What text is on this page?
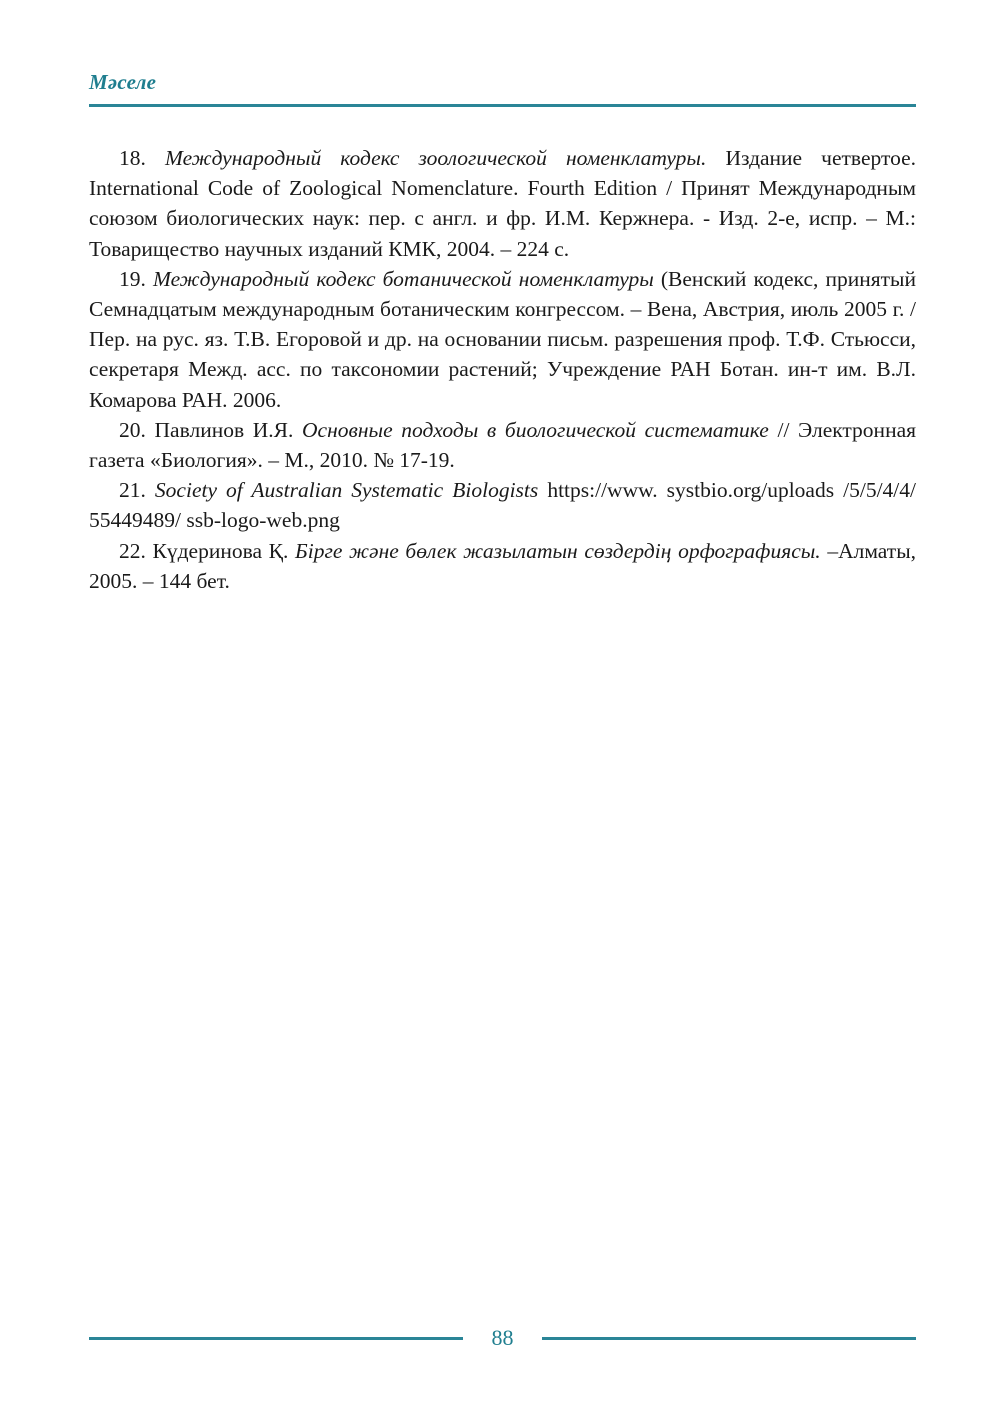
Мәселе

18. Международный кодекс зоологической номенклатуры. Издание четвертое. International Code of Zoological Nomenclature. Fourth Edition / Принят Международным союзом биологических наук: пер. с англ. и фр. И.М. Кержнера. - Изд. 2-е, испр. – М.: Товарищество научных изданий КМК, 2004. – 224 с.

19. Международный кодекс ботанической номенклатуры (Венский кодекс, принятый Семнадцатым международным ботаническим конгрессом. – Вена, Австрия, июль 2005 г. / Пер. на рус. яз. Т.В. Егоровой и др. на основании письм. разрешения проф. Т.Ф. Стьюсси, секретаря Межд. асс. по таксономии растений; Учреждение РАН Ботан. ин-т им. В.Л. Комарова РАН. 2006.

20. Павлинов И.Я. Основные подходы в биологической систематике // Электронная газета «Биология». – М., 2010. № 17-19.

21. Society of Australian Systematic Biologists https://www. systbio.org/uploads /5/5/4/4/ 55449489/ ssb-logo-web.png

22. Күдеринова Қ. Бірге және бөлек жазылатын сөздердің орфографиясы. –Алматы, 2005. – 144 бет.

88
